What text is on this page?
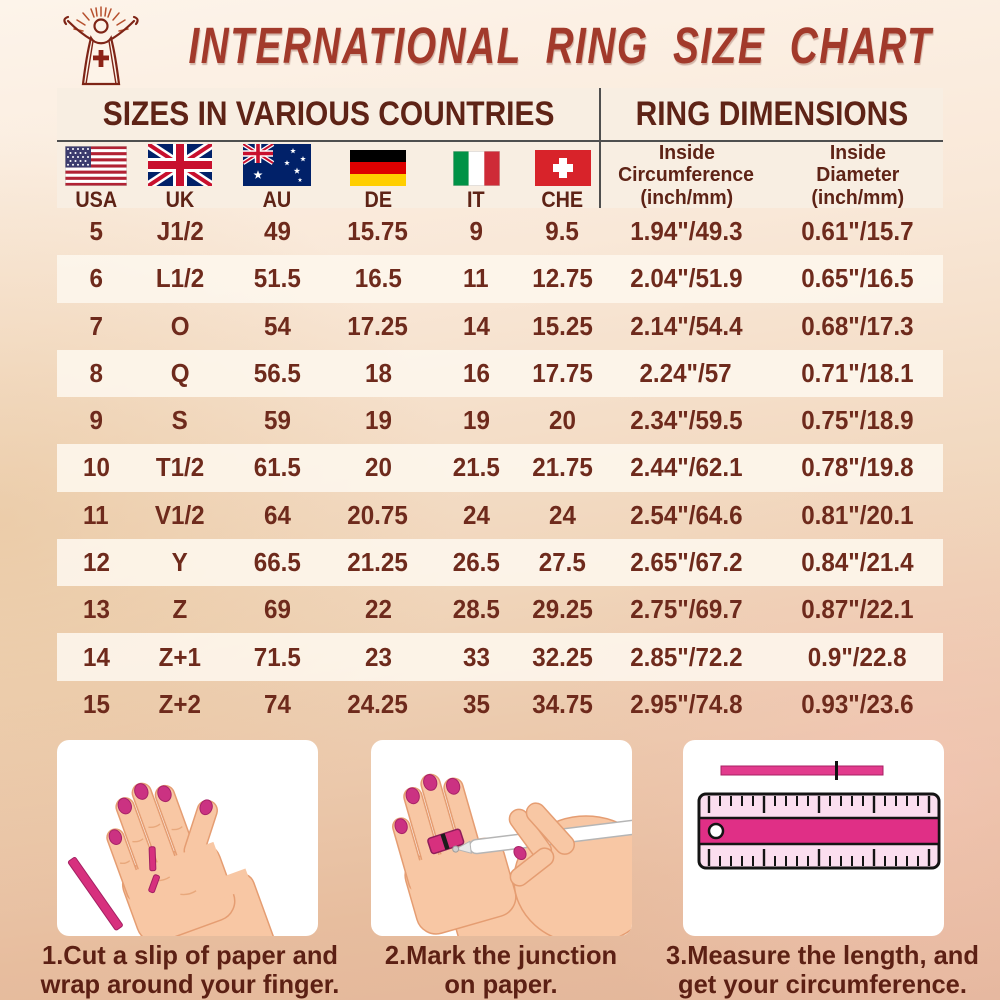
INTERNATIONAL RING SIZE CHART
SIZES IN VARIOUS COUNTRIES RING DIMENSIONS
USA UK	AU	DE	IT	CHE
Inside
Circumference
(inch/mm)
Inside
Diameter
(inch/mm)
5	J1/2	49	15.75	9	9.5	1.94"/49.3	0.61"/15.7
6	L1/2	51.5	16.5	11	12.75	2.04"/51.9	0.65"/16.5
7	O	54	17.25	14	15.25	2.14"/54.4	0.68"/17.3
8	Q	56.5	18	16	17.75	2.24"/57	0.71"/18.1
9	S	59	19	19	20	2.34"/59.5	0.75"/18.9
10	T1/2	61.5	20	21.5	21.75	2.44"/62.1	0.78"/19.8
11	V1/2	64	20.75	24	24	2.54"/64.6	0.81"/20.1
12	Y	66.5	21.25	26.5	27.5	2.65"/67.2	0.84"/21.4
13	Z	69	22	28.5	29.25	2.75"/69.7	0.87"/22.1
14	Z+1	71.5	23	33	32.25	2.85"/72.2	0.9"/22.8
15	Z+2	74	24.25	35	34.75	2.95"/74.8	0.93"/23.6
1.Cut a slip of paper and
wrap around your finger.
2.Mark the junction
on paper.
3.Measure the length, and
get your circumference.
